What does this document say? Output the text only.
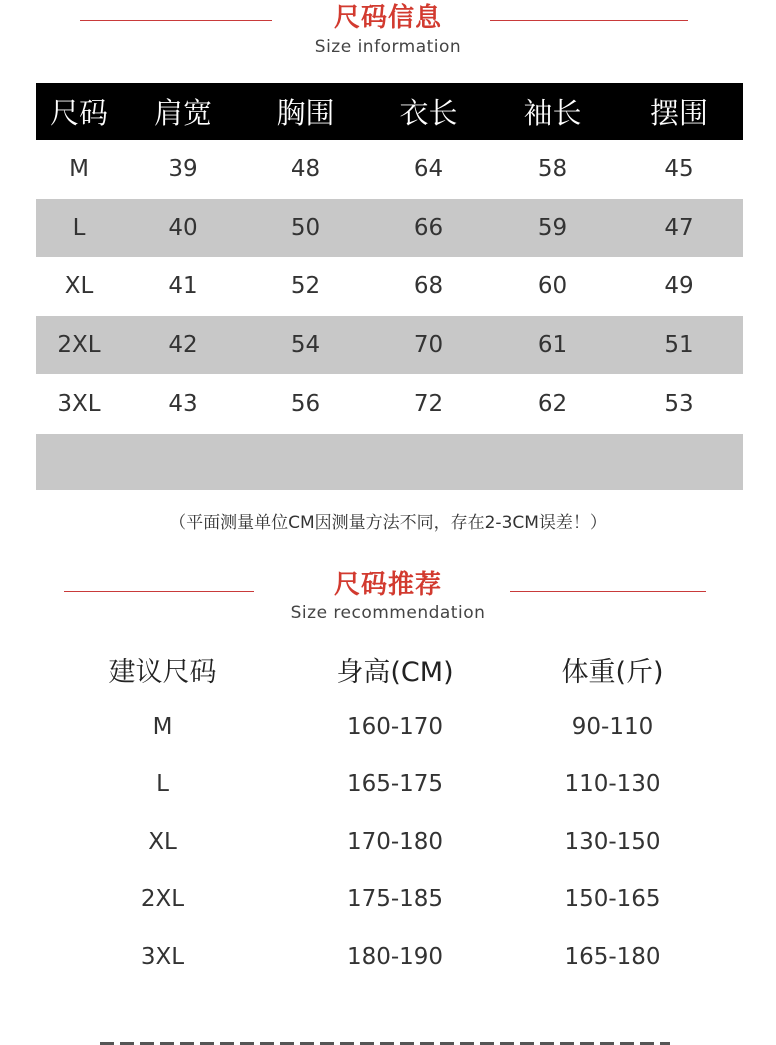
尺码信息
Size information
尺码	肩宽	胸围	衣长	袖长	摆围
M	39	48	64	58	45
L	40	50	66	59	47
XL	41	52	68	60	49
2XL	42	54	70	61	51
3XL	43	56	72	62	53
（平面测量单位CM因测量方法不同，存在2-3CM误差！）
尺码推荐
Size recommendation
建议尺码	身高(CM)	体重(斤)
M	160-170	90-110
L	165-175	110-130
XL	170-180	130-150
2XL	175-185	150-165
3XL	180-190	165-180
